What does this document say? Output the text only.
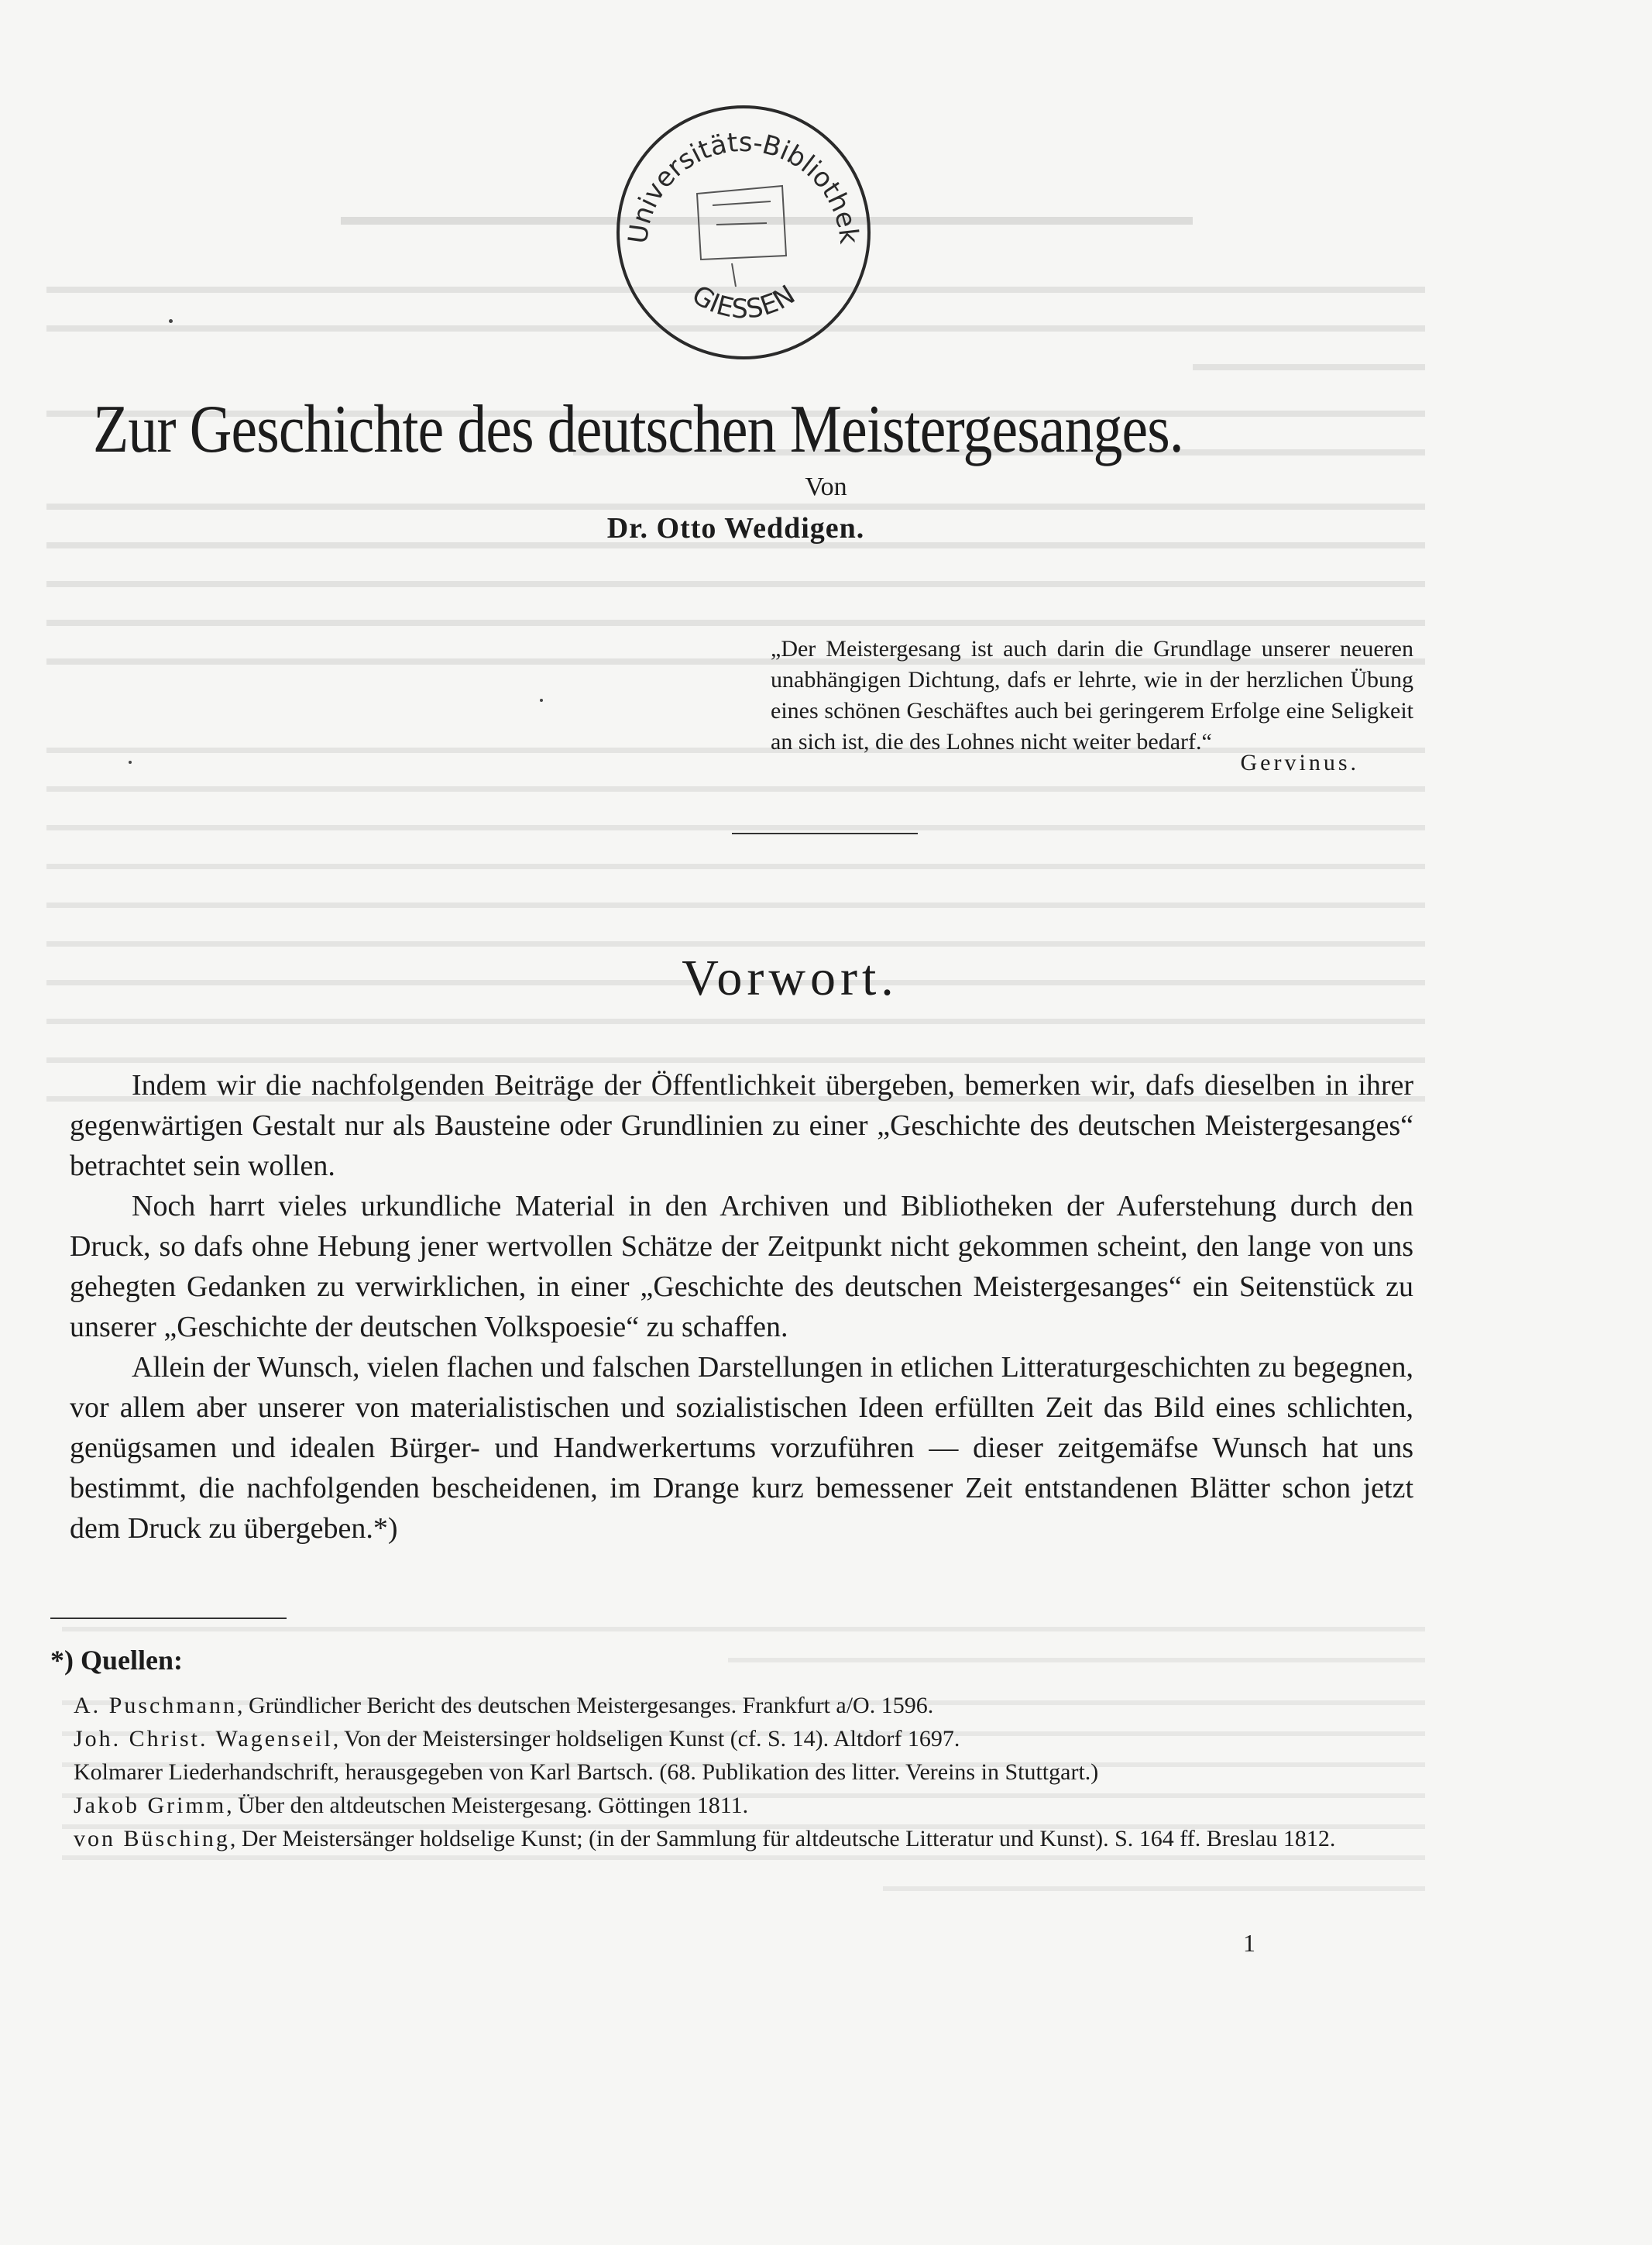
Universitäts-Bibliothek
GIESSEN
Zur Geschichte des deutschen Meistergesanges.
Von
Dr. Otto Weddigen.
„Der Meistergesang ist auch darin die Grundlage unserer neueren unabhängigen Dichtung, dafs er lehrte, wie in der herzlichen Übung eines schönen Geschäftes auch bei geringerem Erfolge eine Seligkeit an sich ist, die des Lohnes nicht weiter bedarf.“
Gervinus.
Vorwort.

Indem wir die nachfolgenden Beiträge der Öffentlichkeit übergeben, bemerken wir, dafs dieselben in ihrer gegenwärtigen Gestalt nur als Bausteine oder Grundlinien zu einer „Geschichte des deutschen Meistergesanges“ betrachtet sein wollen.

Noch harrt vieles urkundliche Material in den Archiven und Bibliotheken der Auferstehung durch den Druck, so dafs ohne Hebung jener wertvollen Schätze der Zeitpunkt nicht gekommen scheint, den lange von uns gehegten Gedanken zu verwirklichen, in einer „Geschichte des deutschen Meistergesanges“ ein Seitenstück zu unserer „Geschichte der deutschen Volkspoesie“ zu schaffen.

Allein der Wunsch, vielen flachen und falschen Darstellungen in etlichen Litteraturgeschichten zu begegnen, vor allem aber unserer von materialistischen und sozialistischen Ideen erfüllten Zeit das Bild eines schlichten, genügsamen und idealen Bürger- und Handwerkertums vorzuführen — dieser zeitgemäfse Wunsch hat uns bestimmt, die nachfolgenden bescheidenen, im Drange kurz bemessener Zeit entstandenen Blätter schon jetzt dem Druck zu übergeben.*)

*) Quellen:

A. Puschmann, Gründlicher Bericht des deutschen Meistergesanges. Frankfurt a/O. 1596.

Joh. Christ. Wagenseil, Von der Meistersinger holdseligen Kunst (cf. S. 14). Altdorf 1697.

Kolmarer Liederhandschrift, herausgegeben von Karl Bartsch. (68. Publikation des litter. Vereins in Stuttgart.)

Jakob Grimm, Über den altdeutschen Meistergesang. Göttingen 1811.

von Büsching, Der Meistersänger holdselige Kunst; (in der Sammlung für altdeutsche Litteratur und Kunst). S. 164 ff. Breslau 1812.

1
